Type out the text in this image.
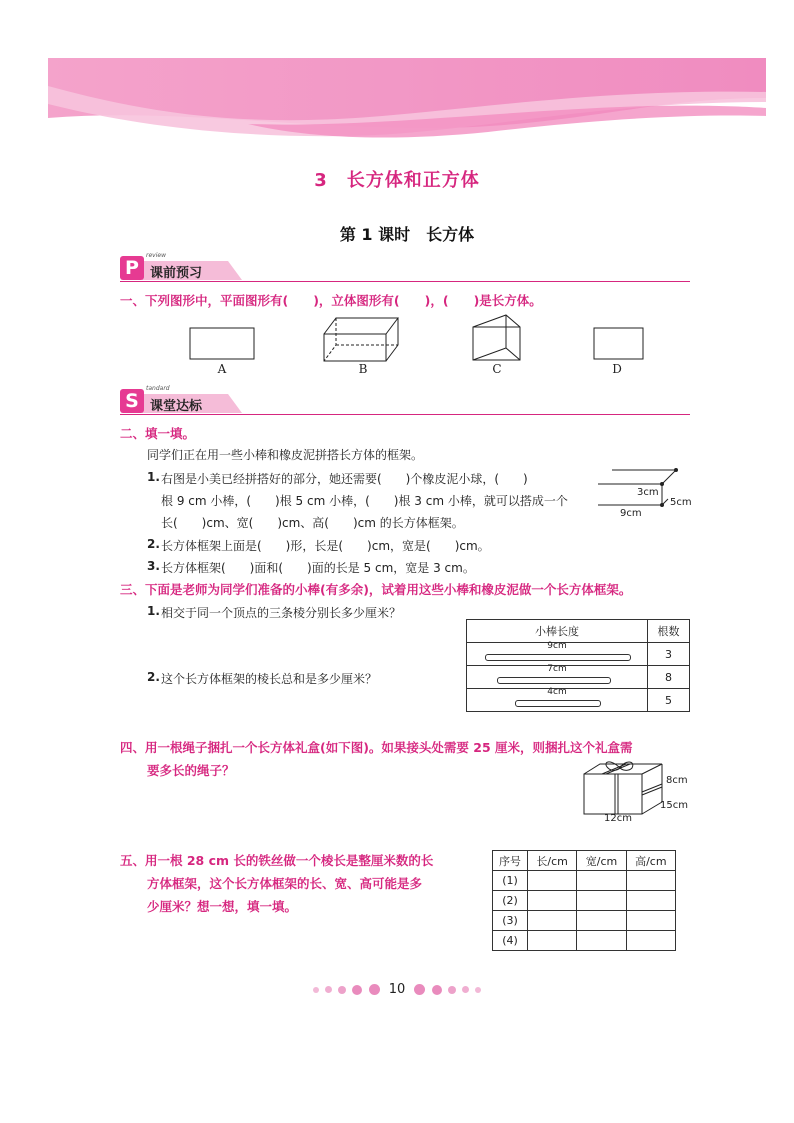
3　长方体和正方体
第 1 课时　长方体
P
review
课前预习
一、下列图形中，平面图形有(　　)，立体图形有(　　)，(　　)是长方体。
A	B	C	D
S
tandard
课堂达标
二、填一填。
同学们正在用一些小棒和橡皮泥拼搭长方体的框架。
1. 右图是小美已经拼搭好的部分，她还需要(　　)个橡皮泥小球，(　　)
根 9 cm 小棒，(　　)根 5 cm 小棒，(　　)根 3 cm 小棒，就可以搭成一个
长(　　)cm、宽(　　)cm、高(　　)cm 的长方体框架。
2. 长方体框架上面是(　　)形，长是(　　)cm，宽是(　　)cm。
3. 长方体框架(　　)面和(　　)面的长是 5 cm，宽是 3 cm。
3cm
5cm
9cm
三、下面是老师为同学们准备的小棒(有多余)，试着用这些小棒和橡皮泥做一个长方体框架。
1. 相交于同一个顶点的三条棱分别长多少厘米？
2. 这个长方体框架的棱长总和是多少厘米？
小棒长度	根数

9cm	3

7cm	8

4cm	5
四、用一根绳子捆扎一个长方体礼盒(如下图)。如果接头处需要 25 厘米，则捆扎这个礼盒需
要多长的绳子？
8cm
15cm
12cm
五、用一根 28 cm 长的铁丝做一个棱长是整厘米数的长
方体框架，这个长方体框架的长、宽、高可能是多
少厘米？想一想，填一填。
序号	长/cm	宽/cm	高/cm
(1)			
(2)			
(3)			
(4)			
10
